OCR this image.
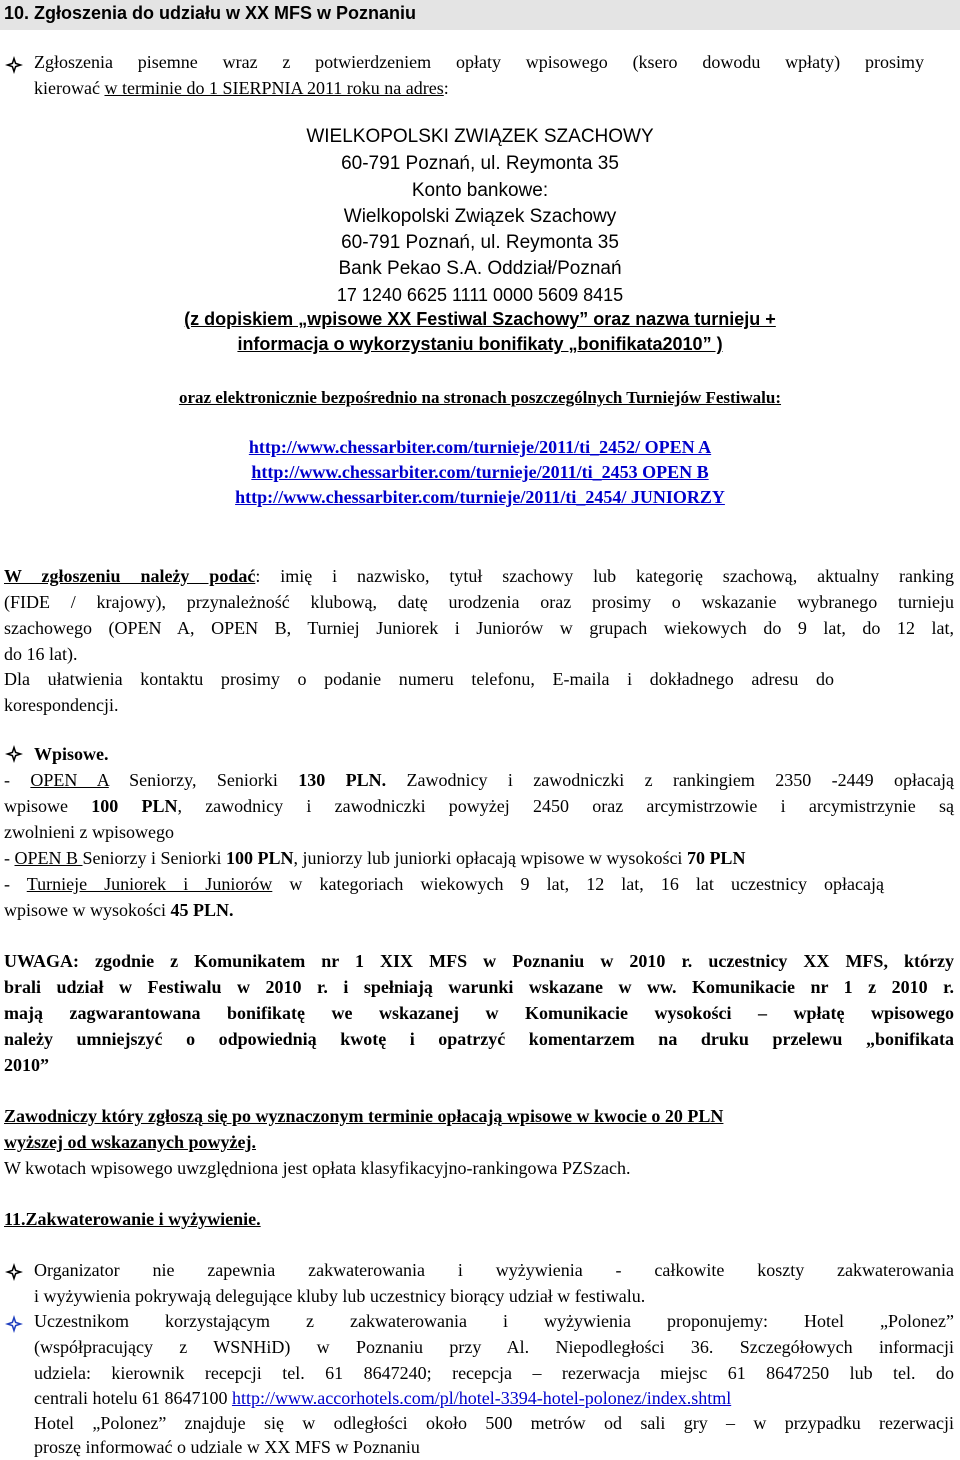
10. Zgłoszenia do udziału w XX MFS w Poznaniu
Zgłoszenia pisemne wraz z potwierdzeniem opłaty wpisowego (ksero dowodu wpłaty) prosimy
kierować w terminie do 1 SIERPNIA 2011 roku na adres:
WIELKOPOLSKI ZWIĄZEK SZACHOWY
60-791 Poznań, ul. Reymonta 35
Konto bankowe:
Wielkopolski Związek Szachowy
60-791 Poznań, ul. Reymonta 35
Bank Pekao S.A. Oddział/Poznań
17 1240 6625 1111 0000 5609 8415
(z dopiskiem „wpisowe XX Festiwal Szachowy” oraz nazwa turnieju +
informacja o wykorzystaniu bonifikaty „bonifikata2010” )
oraz elektronicznie bezpośrednio na stronach poszczególnych Turniejów Festiwalu:
http://www.chessarbiter.com/turnieje/2011/ti_2452/ OPEN A
http://www.chessarbiter.com/turnieje/2011/ti_2453 OPEN B
http://www.chessarbiter.com/turnieje/2011/ti_2454/ JUNIORZY
W zgłoszeniu należy podać: imię i nazwisko, tytuł szachowy lub kategorię szachową, aktualny ranking
(FIDE / krajowy), przynależność klubową, datę urodzenia oraz prosimy o wskazanie wybranego turnieju
szachowego (OPEN A, OPEN B, Turniej Juniorek i Juniorów w grupach wiekowych do 9 lat, do 12 lat,
do 16 lat).
Dla ułatwienia kontaktu prosimy o podanie numeru telefonu, E-maila i dokładnego adresu do
korespondencji.
Wpisowe.
- OPEN A Seniorzy, Seniorki 130 PLN. Zawodnicy i zawodniczki z rankingiem 2350 -2449 opłacają
wpisowe 100 PLN, zawodnicy i zawodniczki powyżej 2450 oraz arcymistrzowie i arcymistrzynie są
zwolnieni z wpisowego
- OPEN B Seniorzy i Seniorki 100 PLN, juniorzy lub juniorki opłacają wpisowe w wysokości 70 PLN
- Turnieje Juniorek i Juniorów w kategoriach wiekowych 9 lat, 12 lat, 16 lat uczestnicy opłacają
wpisowe w wysokości 45 PLN.
UWAGA: zgodnie z Komunikatem nr 1 XIX MFS w Poznaniu w 2010 r. uczestnicy XX MFS, którzy
brali udział w Festiwalu w 2010 r. i spełniają warunki wskazane w ww. Komunikacie nr 1 z 2010 r.
mają zagwarantowana bonifikatę we wskazanej w Komunikacie wysokości – wpłatę wpisowego
należy umniejszyć o odpowiednią kwotę i opatrzyć komentarzem na druku przelewu „bonifikata
2010”
Zawodniczy który zgłoszą się po wyznaczonym terminie opłacają wpisowe w kwocie o 20 PLN
wyższej od wskazanych powyżej.
W kwotach wpisowego uwzględniona jest opłata klasyfikacyjno-rankingowa PZSzach.
11.Zakwaterowanie i wyżywienie.
Organizator nie zapewnia zakwaterowania i wyżywienia - całkowite koszty zakwaterowania
i wyżywienia pokrywają delegujące kluby lub uczestnicy biorący udział w festiwalu.
Uczestnikom korzystającym z zakwaterowania i wyżywienia proponujemy: Hotel „Polonez”
(współpracujący z WSNHiD) w Poznaniu przy Al. Niepodległości 36. Szczegółowych informacji
udziela: kierownik recepcji tel. 61 8647240; recepcja – rezerwacja miejsc 61 8647250 lub tel. do
centrali hotelu 61 8647100 http://www.accorhotels.com/pl/hotel-3394-hotel-polonez/index.shtml
Hotel „Polonez” znajduje się w odległości około 500 metrów od sali gry – w przypadku rezerwacji
proszę informować o udziale w XX MFS w Poznaniu
